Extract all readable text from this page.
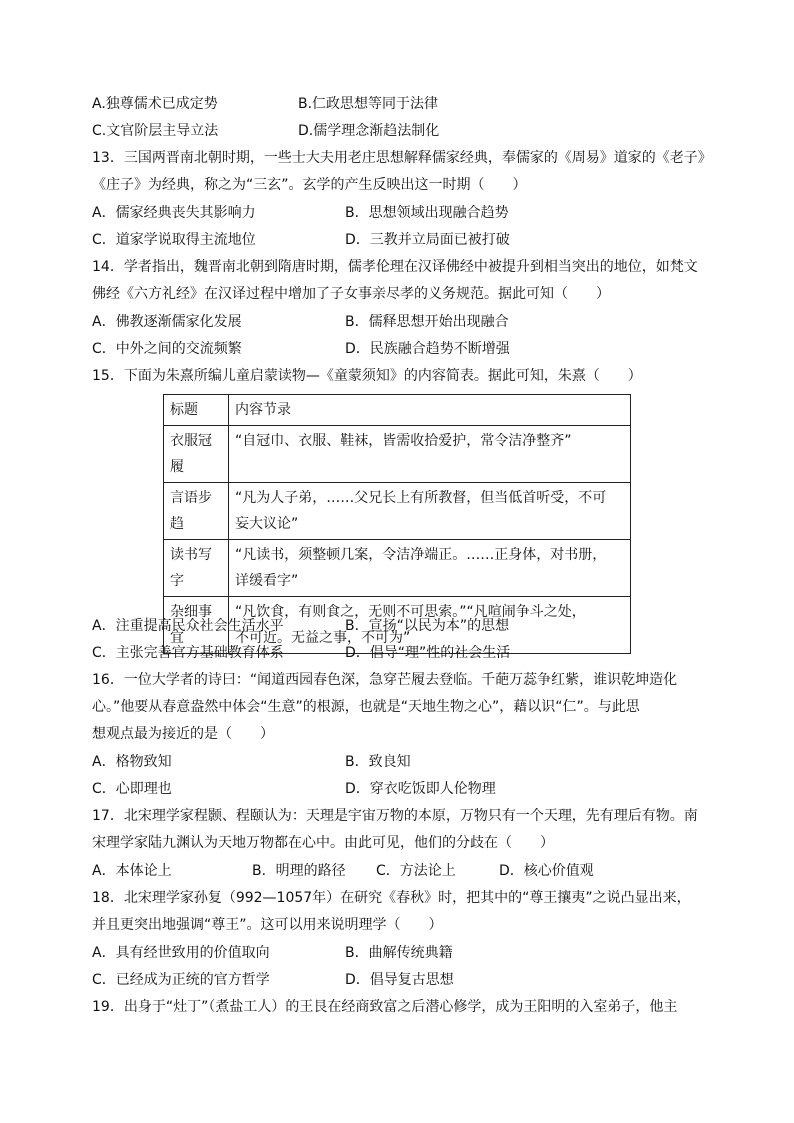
A.独尊儒术已成定势	B.仁政思想等同于法律
C.文官阶层主导立法	D.儒学理念渐趋法制化
13．三国两晋南北朝时期，一些士大夫用老庄思想解释儒家经典，奉儒家的《周易》道家的《老子》
《庄子》为经典，称之为“三玄”。玄学的产生反映出这一时期（　　）
A．儒家经典丧失其影响力	B．思想领域出现融合趋势
C．道家学说取得主流地位	D．三教并立局面已被打破
14．学者指出，魏晋南北朝到隋唐时期，儒孝伦理在汉译佛经中被提升到相当突出的地位，如梵文
佛经《六方礼经》在汉译过程中增加了子女事亲尽孝的义务规范。据此可知（　　）
A．佛教逐渐儒家化发展	B．儒释思想开始出现融合
C．中外之间的交流频繁	D．民族融合趋势不断增强
15．下面为朱熹所编儿童启蒙读物—《童蒙须知》的内容简表。据此可知，朱熹（　　）
标题	内容节录
衣服冠履	“自冠巾、衣服、鞋袜，皆需收拾爱护，常令洁净整齐”
言语步趋	“凡为人子弟，……父兄长上有所教督，但当低首听受，不可
妄大议论”

读书写字	“凡读书，须整顿几案，令洁净端正。……正身体，对书册，
详缓看字”

杂细事宜	“凡饮食，有则食之，无则不可思索。”“凡喧闹争斗之处，
不可近。无益之事，不可为”
A．注重提高民众社会生活水平	B．宣扬“以民为本”的思想
C．主张完善官方基础教育体系	D．倡导“理”性的社会生活
16．一位大学者的诗曰：“闻道西园春色深，急穿芒履去登临。千葩万蕊争红紫，谁识乾坤造化
心。”他要从春意盎然中体会“生意”的根源，也就是“天地生物之心”，藉以识“仁”。与此思
想观点最为接近的是（　　）
A．格物致知	B．致良知
C．心即理也	D．穿衣吃饭即人伦物理
17．北宋理学家程颢、程颐认为：天理是宇宙万物的本原，万物只有一个天理，先有理后有物。南
宋理学家陆九渊认为天地万物都在心中。由此可见，他们的分歧在（　　）
A．本体论上	B．明理的路径 C．方法论上	D．核心价值观
18．北宋理学家孙复（992—1057年）在研究《春秋》时，把其中的“尊王攘夷”之说凸显出来，
并且更突出地强调“尊王”。这可以用来说明理学（　　）
A．具有经世致用的价值取向	B．曲解传统典籍
C．已经成为正统的官方哲学	D．倡导复古思想
19．出身于“灶丁”（煮盐工人）的王艮在经商致富之后潜心修学，成为王阳明的入室弟子，他主
